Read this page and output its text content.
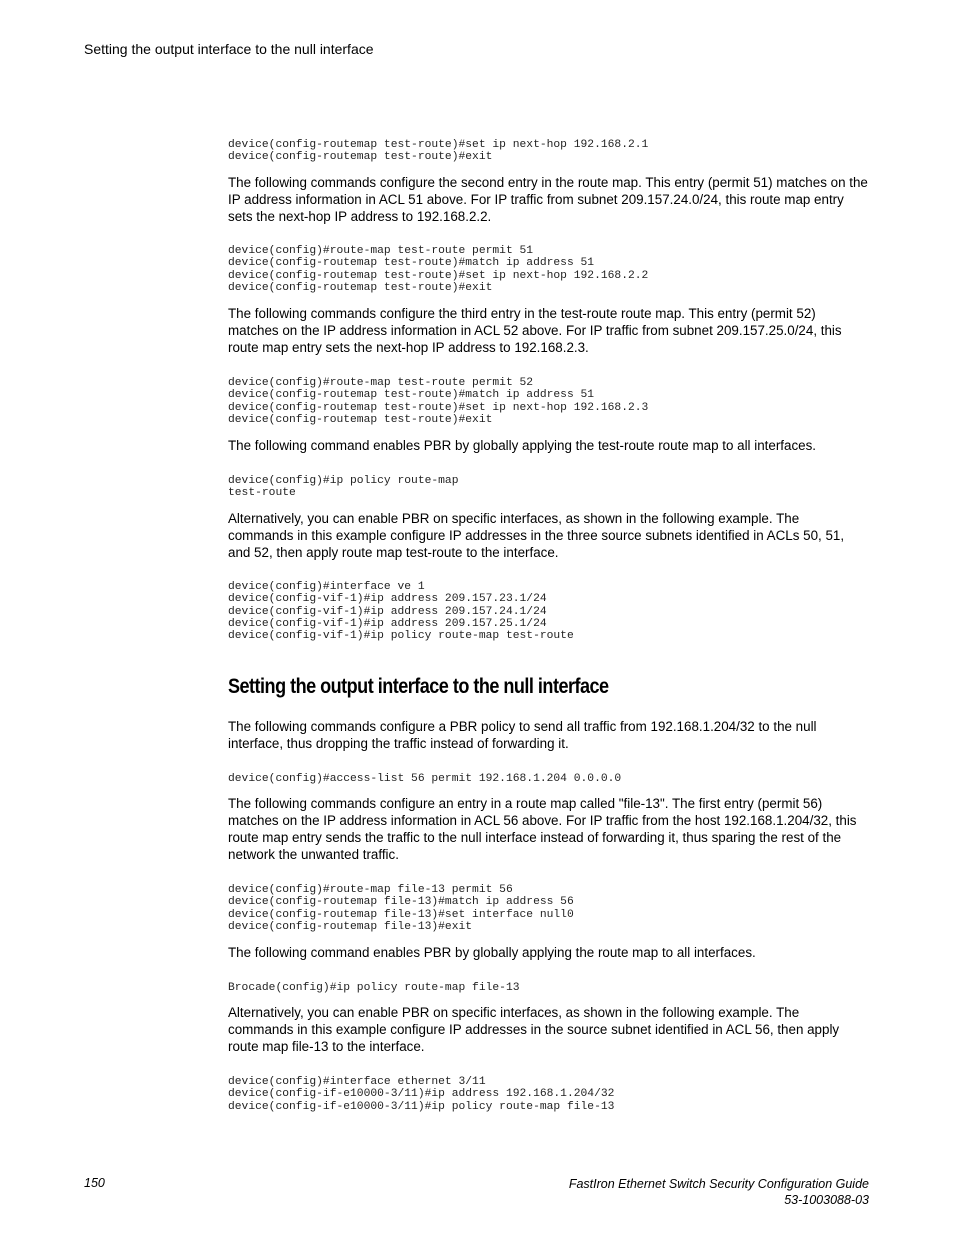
Setting the output interface to the null interface
device(config-routemap test-route)#set ip next-hop 192.168.2.1
device(config-routemap test-route)#exit

The following commands configure the second entry in the route map. This entry (permit 51) matches on the IP address information in ACL 51 above. For IP traffic from subnet 209.157.24.0/24, this route map entry sets the next-hop IP address to 192.168.2.2.

device(config)#route-map test-route permit 51
device(config-routemap test-route)#match ip address 51
device(config-routemap test-route)#set ip next-hop 192.168.2.2
device(config-routemap test-route)#exit

The following commands configure the third entry in the test-route route map. This entry (permit 52) matches on the IP address information in ACL 52 above. For IP traffic from subnet 209.157.25.0/24, this route map entry sets the next-hop IP address to 192.168.2.3.

device(config)#route-map test-route permit 52
device(config-routemap test-route)#match ip address 51
device(config-routemap test-route)#set ip next-hop 192.168.2.3
device(config-routemap test-route)#exit

The following command enables PBR by globally applying the test-route route map to all interfaces.

device(config)#ip policy route-map
test-route

Alternatively, you can enable PBR on specific interfaces, as shown in the following example. The commands in this example configure IP addresses in the three source subnets identified in ACLs 50, 51, and 52, then apply route map test-route to the interface.

device(config)#interface ve 1
device(config-vif-1)#ip address 209.157.23.1/24
device(config-vif-1)#ip address 209.157.24.1/24
device(config-vif-1)#ip address 209.157.25.1/24
device(config-vif-1)#ip policy route-map test-route
Setting the output interface to the null interface

The following commands configure a PBR policy to send all traffic from 192.168.1.204/32 to the null interface, thus dropping the traffic instead of forwarding it.

device(config)#access-list 56 permit 192.168.1.204 0.0.0.0

The following commands configure an entry in a route map called "file-13". The first entry (permit 56) matches on the IP address information in ACL 56 above. For IP traffic from the host 192.168.1.204/32, this route map entry sends the traffic to the null interface instead of forwarding it, thus sparing the rest of the network the unwanted traffic.

device(config)#route-map file-13 permit 56
device(config-routemap file-13)#match ip address 56
device(config-routemap file-13)#set interface null0
device(config-routemap file-13)#exit

The following command enables PBR by globally applying the route map to all interfaces.

Brocade(config)#ip policy route-map file-13

Alternatively, you can enable PBR on specific interfaces, as shown in the following example. The commands in this example configure IP addresses in the source subnet identified in ACL 56, then apply route map file-13 to the interface.

device(config)#interface ethernet 3/11
device(config-if-e10000-3/11)#ip address 192.168.1.204/32
device(config-if-e10000-3/11)#ip policy route-map file-13
150	FastIron Ethernet Switch Security Configuration Guide
53-1003088-03
